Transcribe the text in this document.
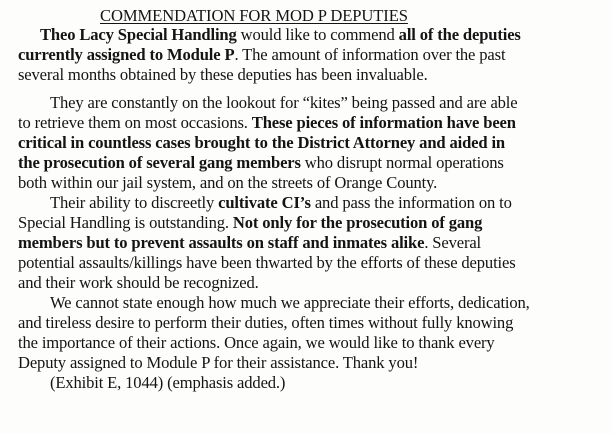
COMMENDATION FOR MOD P DEPUTIES
Theo Lacy Special Handling would like to commend all of the deputies
currently assigned to Module P. The amount of information over the past
several months obtained by these deputies has been invaluable.
They are constantly on the lookout for “kites” being passed and are able
to retrieve them on most occasions. These pieces of information have been
critical in countless cases brought to the District Attorney and aided in
the prosecution of several gang members who disrupt normal operations
both within our jail system, and on the streets of Orange County.
Their ability to discreetly cultivate CI’s and pass the information on to
Special Handling is outstanding. Not only for the prosecution of gang
members but to prevent assaults on staff and inmates alike. Several
potential assaults/killings have been thwarted by the efforts of these deputies
and their work should be recognized.
We cannot state enough how much we appreciate their efforts, dedication,
and tireless desire to perform their duties, often times without fully knowing
the importance of their actions. Once again, we would like to thank every
Deputy assigned to Module P for their assistance. Thank you!
(Exhibit E, 1044) (emphasis added.)
